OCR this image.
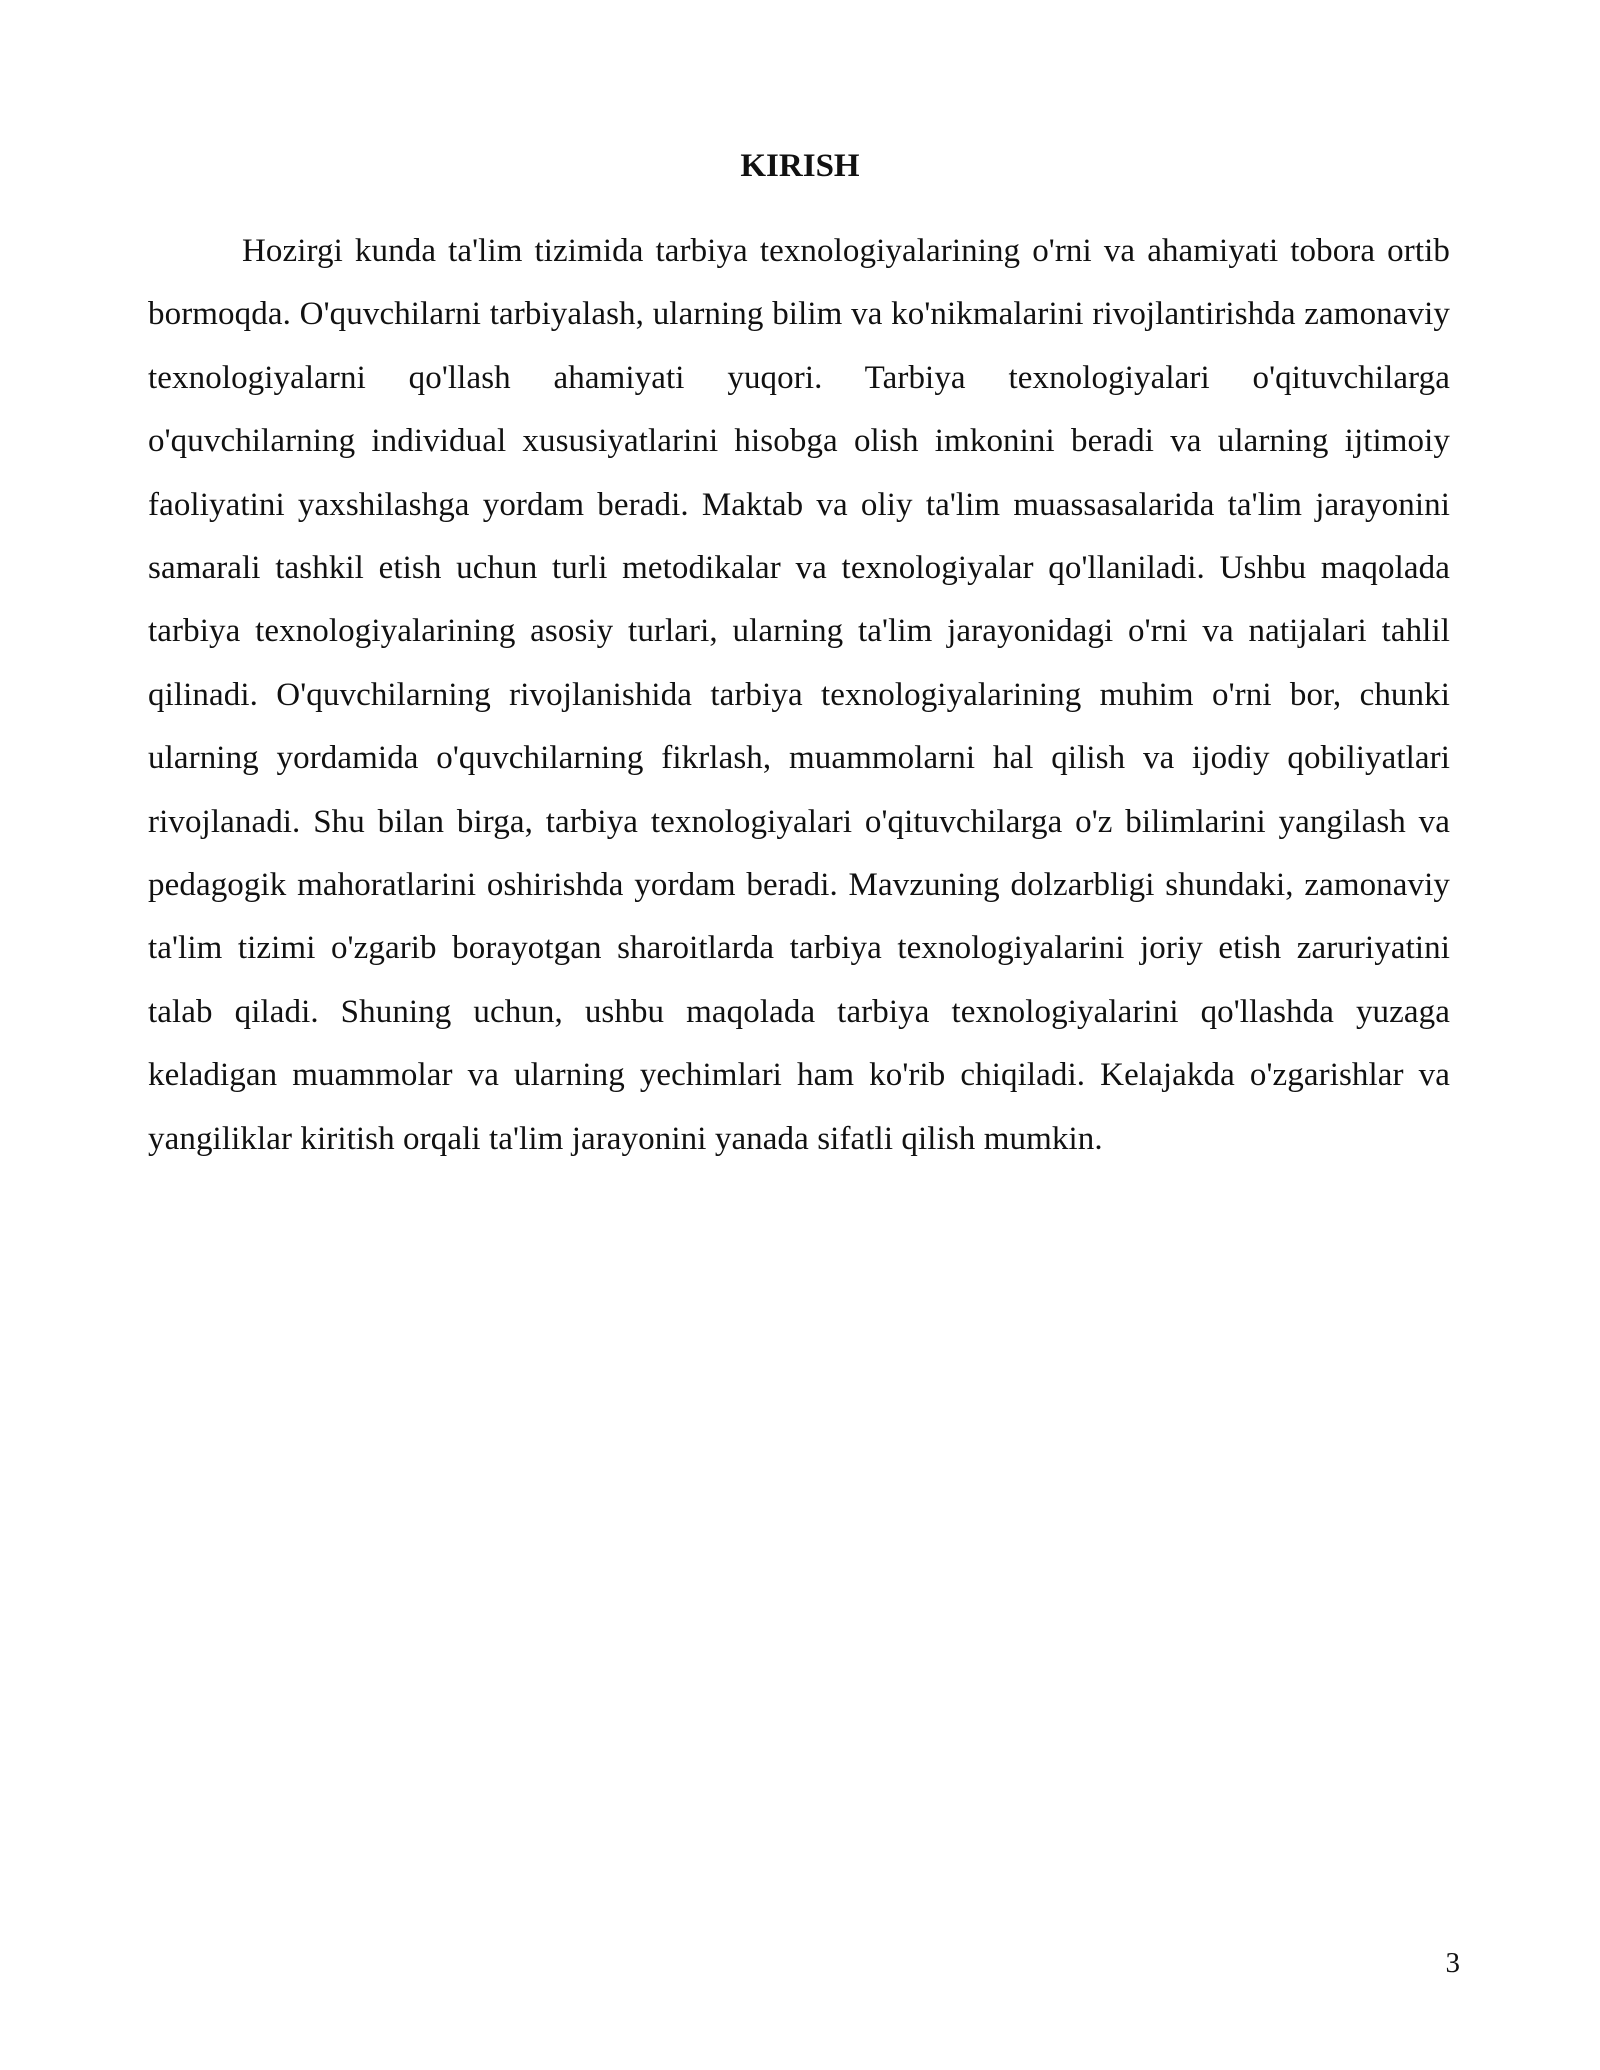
KIRISH

Hozirgi kunda ta'lim tizimida tarbiya texnologiyalarining o'rni va ahamiyati tobora ortib bormoqda. O'quvchilarni tarbiyalash, ularning bilim va ko'nikmalarini rivojlantirishda zamonaviy texnologiyalarni qo'llash ahamiyati yuqori. Tarbiya texnologiyalari o'qituvchilarga o'quvchilarning individual xususiyatlarini hisobga olish imkonini beradi va ularning ijtimoiy faoliyatini yaxshilashga yordam beradi. Maktab va oliy ta'lim muassasalarida ta'lim jarayonini samarali tashkil etish uchun turli metodikalar va texnologiyalar qo'llaniladi. Ushbu maqolada tarbiya texnologiyalarining asosiy turlari, ularning ta'lim jarayonidagi o'rni va natijalari tahlil qilinadi. O'quvchilarning rivojlanishida tarbiya texnologiyalarining muhim o'rni bor, chunki ularning yordamida o'quvchilarning fikrlash, muammolarni hal qilish va ijodiy qobiliyatlari rivojlanadi. Shu bilan birga, tarbiya texnologiyalari o'qituvchilarga o'z bilimlarini yangilash va pedagogik mahoratlarini oshirishda yordam beradi. Mavzuning dolzarbligi shundaki, zamonaviy ta'lim tizimi o'zgarib borayotgan sharoitlarda tarbiya texnologiyalarini joriy etish zaruriyatini talab qiladi. Shuning uchun, ushbu maqolada tarbiya texnologiyalarini qo'llashda yuzaga keladigan muammolar va ularning yechimlari ham ko'rib chiqiladi. Kelajakda o'zgarishlar va yangiliklar kiritish orqali ta'lim jarayonini yanada sifatli qilish mumkin.

3
